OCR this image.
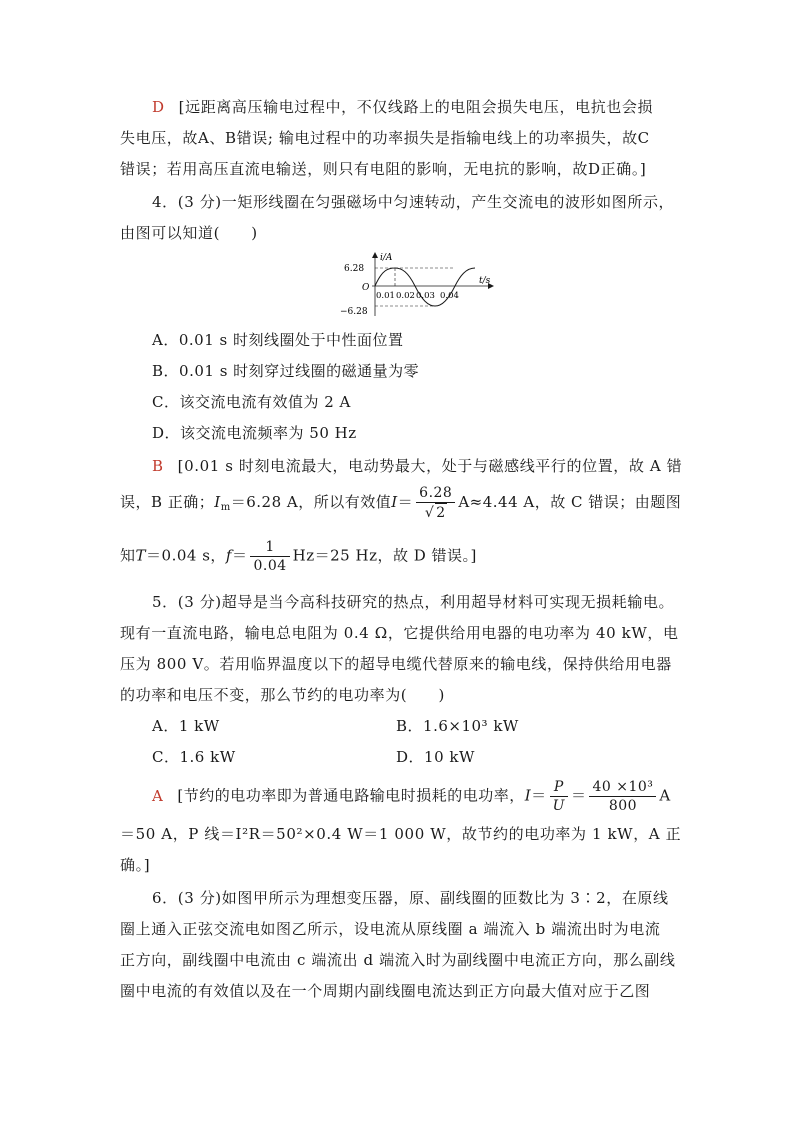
D [远距离高压输电过程中，不仅线路上的电阻会损失电压，电抗也会损
失电压，故A、B错误; 输电过程中的功率损失是指输电线上的功率损失，故C
错误；若用高压直流电输送，则只有电阻的影响，无电抗的影响，故D正确。]
4．(3 分)一矩形线圈在匀强磁场中匀速转动，产生交流电的波形如图所示，
由图可以知道(　　)
i/A
t/s
O
6.28
−6.28
0.01 0.02 0.03 0.04
A．0.01 s 时刻线圈处于中性面位置
B．0.01 s 时刻穿过线圈的磁通量为零
C．该交流电流有效值为 2 A
D．该交流电流频率为 50 Hz
B [0.01 s 时刻电流最大，电动势最大，处于与磁感线平行的位置，故 A 错
误，B 正确；$I_m=6.28$ A，所以有效值$I= \frac{6.28}{√ 2} A\approx 4.44$ A，故 C 错误；由题图
知T＝0.04 s，$f= \frac{1}{0.04} Hz=25$ Hz，故 D 错误。]
5．(3 分)超导是当今高科技研究的热点，利用超导材料可实现无损耗输电。
现有一直流电路，输电总电阻为 0.4 Ω，它提供给用电器的电功率为 40 kW，电
压为 800 V。若用临界温度以下的超导电缆代替原来的输电线，保持供给用电器
的功率和电压不变，那么节约的电功率为(　　)
A．1 kW	B．1.6×10³ kW
C．1.6 kW	D．10 kW
A [节约的电功率即为普通电路输电时损耗的电功率，$I= \frac{P}{U} = \frac{\text{40 ×10³}}{800}$ A
＝50 A，P 线＝I²R＝50²×0.4 W＝1 000 W，故节约的电功率为 1 kW，A 正
确。]
6．(3 分)如图甲所示为理想变压器，原、副线圈的匝数比为 3∶2，在原线
圈上通入正弦交流电如图乙所示，设电流从原线圈 a 端流入 b 端流出时为电流
正方向，副线圈中电流由 c 端流出 d 端流入时为副线圈中电流正方向，那么副线
圈中电流的有效值以及在一个周期内副线圈电流达到正方向最大值对应于乙图
